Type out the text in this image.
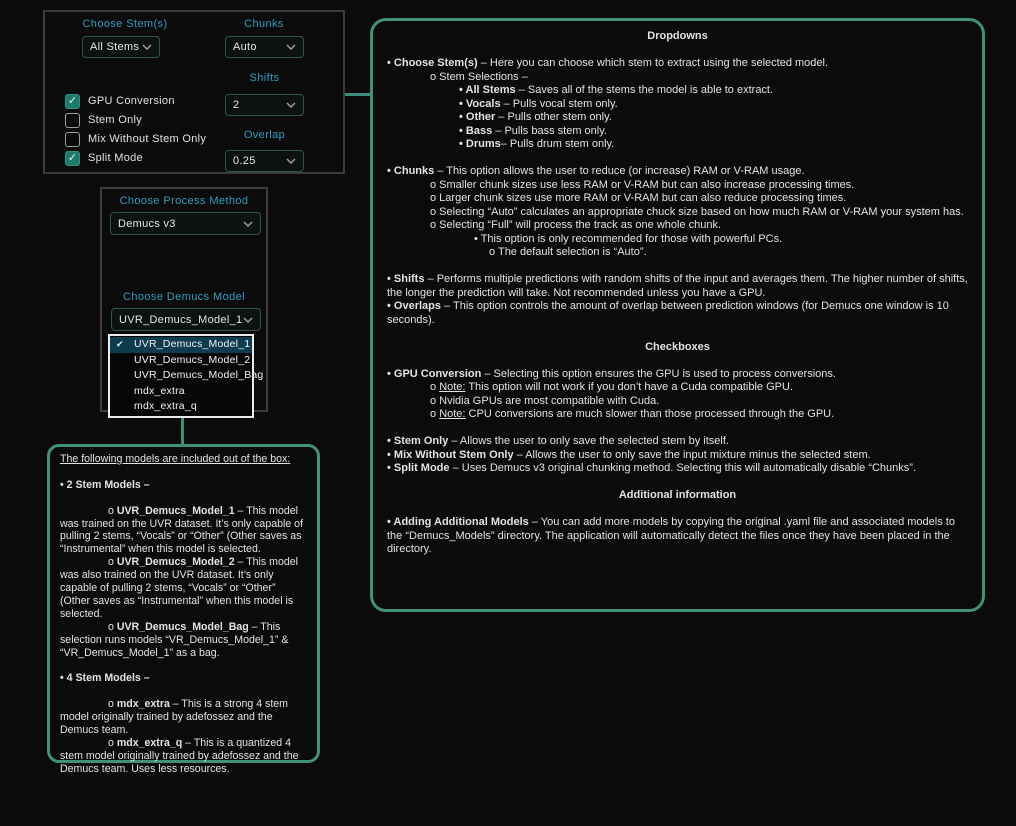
Choose Stem(s)
All Stems
Chunks
Auto
Shifts
2
Overlap
0.25
✓ GPU Conversion
Stem Only
Mix Without Stem Only
✓ Split Mode
Choose Process Method
Demucs v3
Choose Demucs Model
UVR_Demucs_Model_1
✔ UVR_Demucs_Model_1
UVR_Demucs_Model_2
UVR_Demucs_Model_Bag
mdx_extra
mdx_extra_q
The following models are included out of the box:

• 2 Stem Models –

o UVR_Demucs_Model_1 – This model was trained on the UVR dataset. It’s only capable of pulling 2 stems, “Vocals” or “Other” (Other saves as “Instrumental” when this model is selected.
o UVR_Demucs_Model_2 – This model was also trained on the UVR dataset. It’s only capable of pulling 2 stems, “Vocals” or “Other” (Other saves as “Instrumental” when this model is selected.
o UVR_Demucs_Model_Bag – This selection runs models “VR_Demucs_Model_1” & “VR_Demucs_Model_1” as a bag.

• 4 Stem Models –

o mdx_extra – This is a strong 4 stem model originally trained by adefossez and the Demucs team.
o mdx_extra_q – This is a quantized 4 stem model originally trained by adefossez and the Demucs team. Uses less resources.
Dropdowns

• Choose Stem(s) – Here you can choose which stem to extract using the selected model.
o Stem Selections –
• All Stems – Saves all of the stems the model is able to extract.
• Vocals – Pulls vocal stem only.
• Other – Pulls other stem only.
• Bass – Pulls bass stem only.
• Drums– Pulls drum stem only.

• Chunks – This option allows the user to reduce (or increase) RAM or V-RAM usage.
o Smaller chunk sizes use less RAM or V-RAM but can also increase processing times.
o Larger chunk sizes use more RAM or V-RAM but can also reduce processing times.
o Selecting “Auto” calculates an appropriate chuck size based on how much RAM or V-RAM your system has.
o Selecting “Full” will process the track as one whole chunk.
• This option is only recommended for those with powerful PCs.
o The default selection is “Auto”.

• Shifts – Performs multiple predictions with random shifts of the input and averages them. The higher number of shifts, the longer the prediction will take. Not recommended unless you have a GPU.
• Overlaps – This option controls the amount of overlap between prediction windows (for Demucs one window is 10 seconds).

Checkboxes

• GPU Conversion – Selecting this option ensures the GPU is used to process conversions.
o Note: This option will not work if you don’t have a Cuda compatible GPU.
o Nvidia GPUs are most compatible with Cuda.
o Note: CPU conversions are much slower than those processed through the GPU.

• Stem Only – Allows the user to only save the selected stem by itself.
• Mix Without Stem Only – Allows the user to only save the input mixture minus the selected stem.
• Split Mode – Uses Demucs v3 original chunking method. Selecting this will automatically disable “Chunks”.

Additional information

• Adding Additional Models – You can add more models by copying the original .yaml file and associated models to the “Demucs_Models” directory. The application will automatically detect the files once they have been placed in the directory.
